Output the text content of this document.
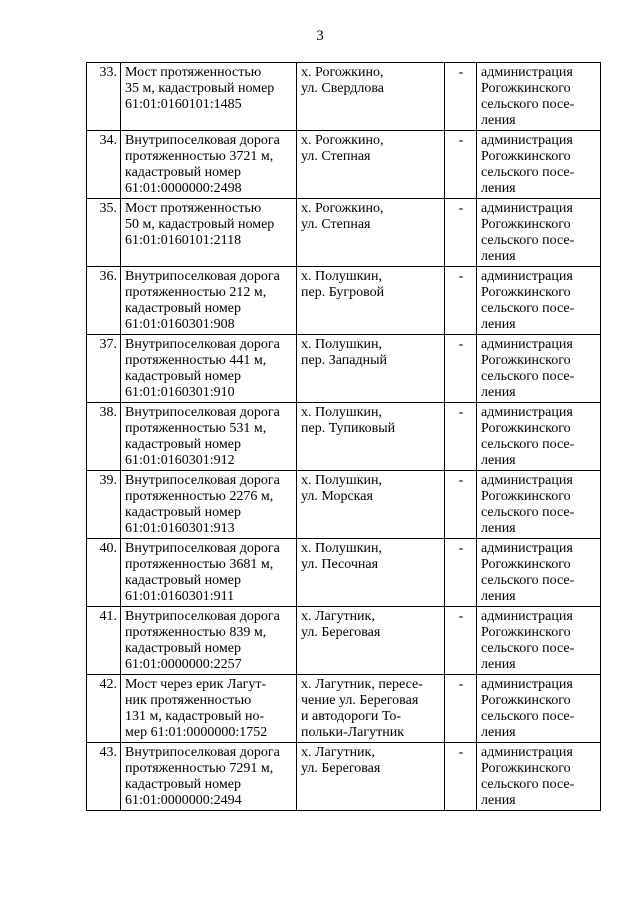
3
33.	Мост протяженностью
35 м, кадастровый номер
61:01:0160101:1485	х. Рогожкино,
ул. Свердлова	-	администрация
Рогожкинского
сельского посе-
ления

34.	Внутрипоселковая дорога
протяженностью 3721 м,
кадастровый номер
61:01:0000000:2498	х. Рогожкино,
ул. Степная	-	администрация
Рогожкинского
сельского посе-
ления

35.	Мост протяженностью
50 м, кадастровый номер
61:01:0160101:2118	х. Рогожкино,
ул. Степная	-	администрация
Рогожкинского
сельского посе-
ления

36.	Внутрипоселковая дорога
протяженностью 212 м,
кадастровый номер
61:01:0160301:908	х. Полушкин,
пер. Бугровой	-	администрация
Рогожкинского
сельского посе-
ления

37.	Внутрипоселковая дорога
протяженностью 441 м,
кадастровый номер
61:01:0160301:910	х. Полушкин,
пер. Западный	-	администрация
Рогожкинского
сельского посе-
ления

38.	Внутрипоселковая дорога
протяженностью 531 м,
кадастровый номер
61:01:0160301:912	х. Полушкин,
пер. Тупиковый	-	администрация
Рогожкинского
сельского посе-
ления

39.	Внутрипоселковая дорога
протяженностью 2276 м,
кадастровый номер
61:01:0160301:913	х. Полушкин,
ул. Морская	-	администрация
Рогожкинского
сельского посе-
ления

40.	Внутрипоселковая дорога
протяженностью 3681 м,
кадастровый номер
61:01:0160301:911	х. Полушкин,
ул. Песочная	-	администрация
Рогожкинского
сельского посе-
ления

41.	Внутрипоселковая дорога
протяженностью 839 м,
кадастровый номер
61:01:0000000:2257	х. Лагутник,
ул. Береговая	-	администрация
Рогожкинского
сельского посе-
ления

42.	Мост через ерик Лагут-
ник протяженностью
131 м, кадастровый но-
мер 61:01:0000000:1752	х. Лагутник, пересе-
чение ул. Береговая
и автодороги То-
польки-Лагутник	-	администрация
Рогожкинского
сельского посе-
ления

43.	Внутрипоселковая дорога
протяженностью 7291 м,
кадастровый номер
61:01:0000000:2494	х. Лагутник,
ул. Береговая	-	администрация
Рогожкинского
сельского посе-
ления
